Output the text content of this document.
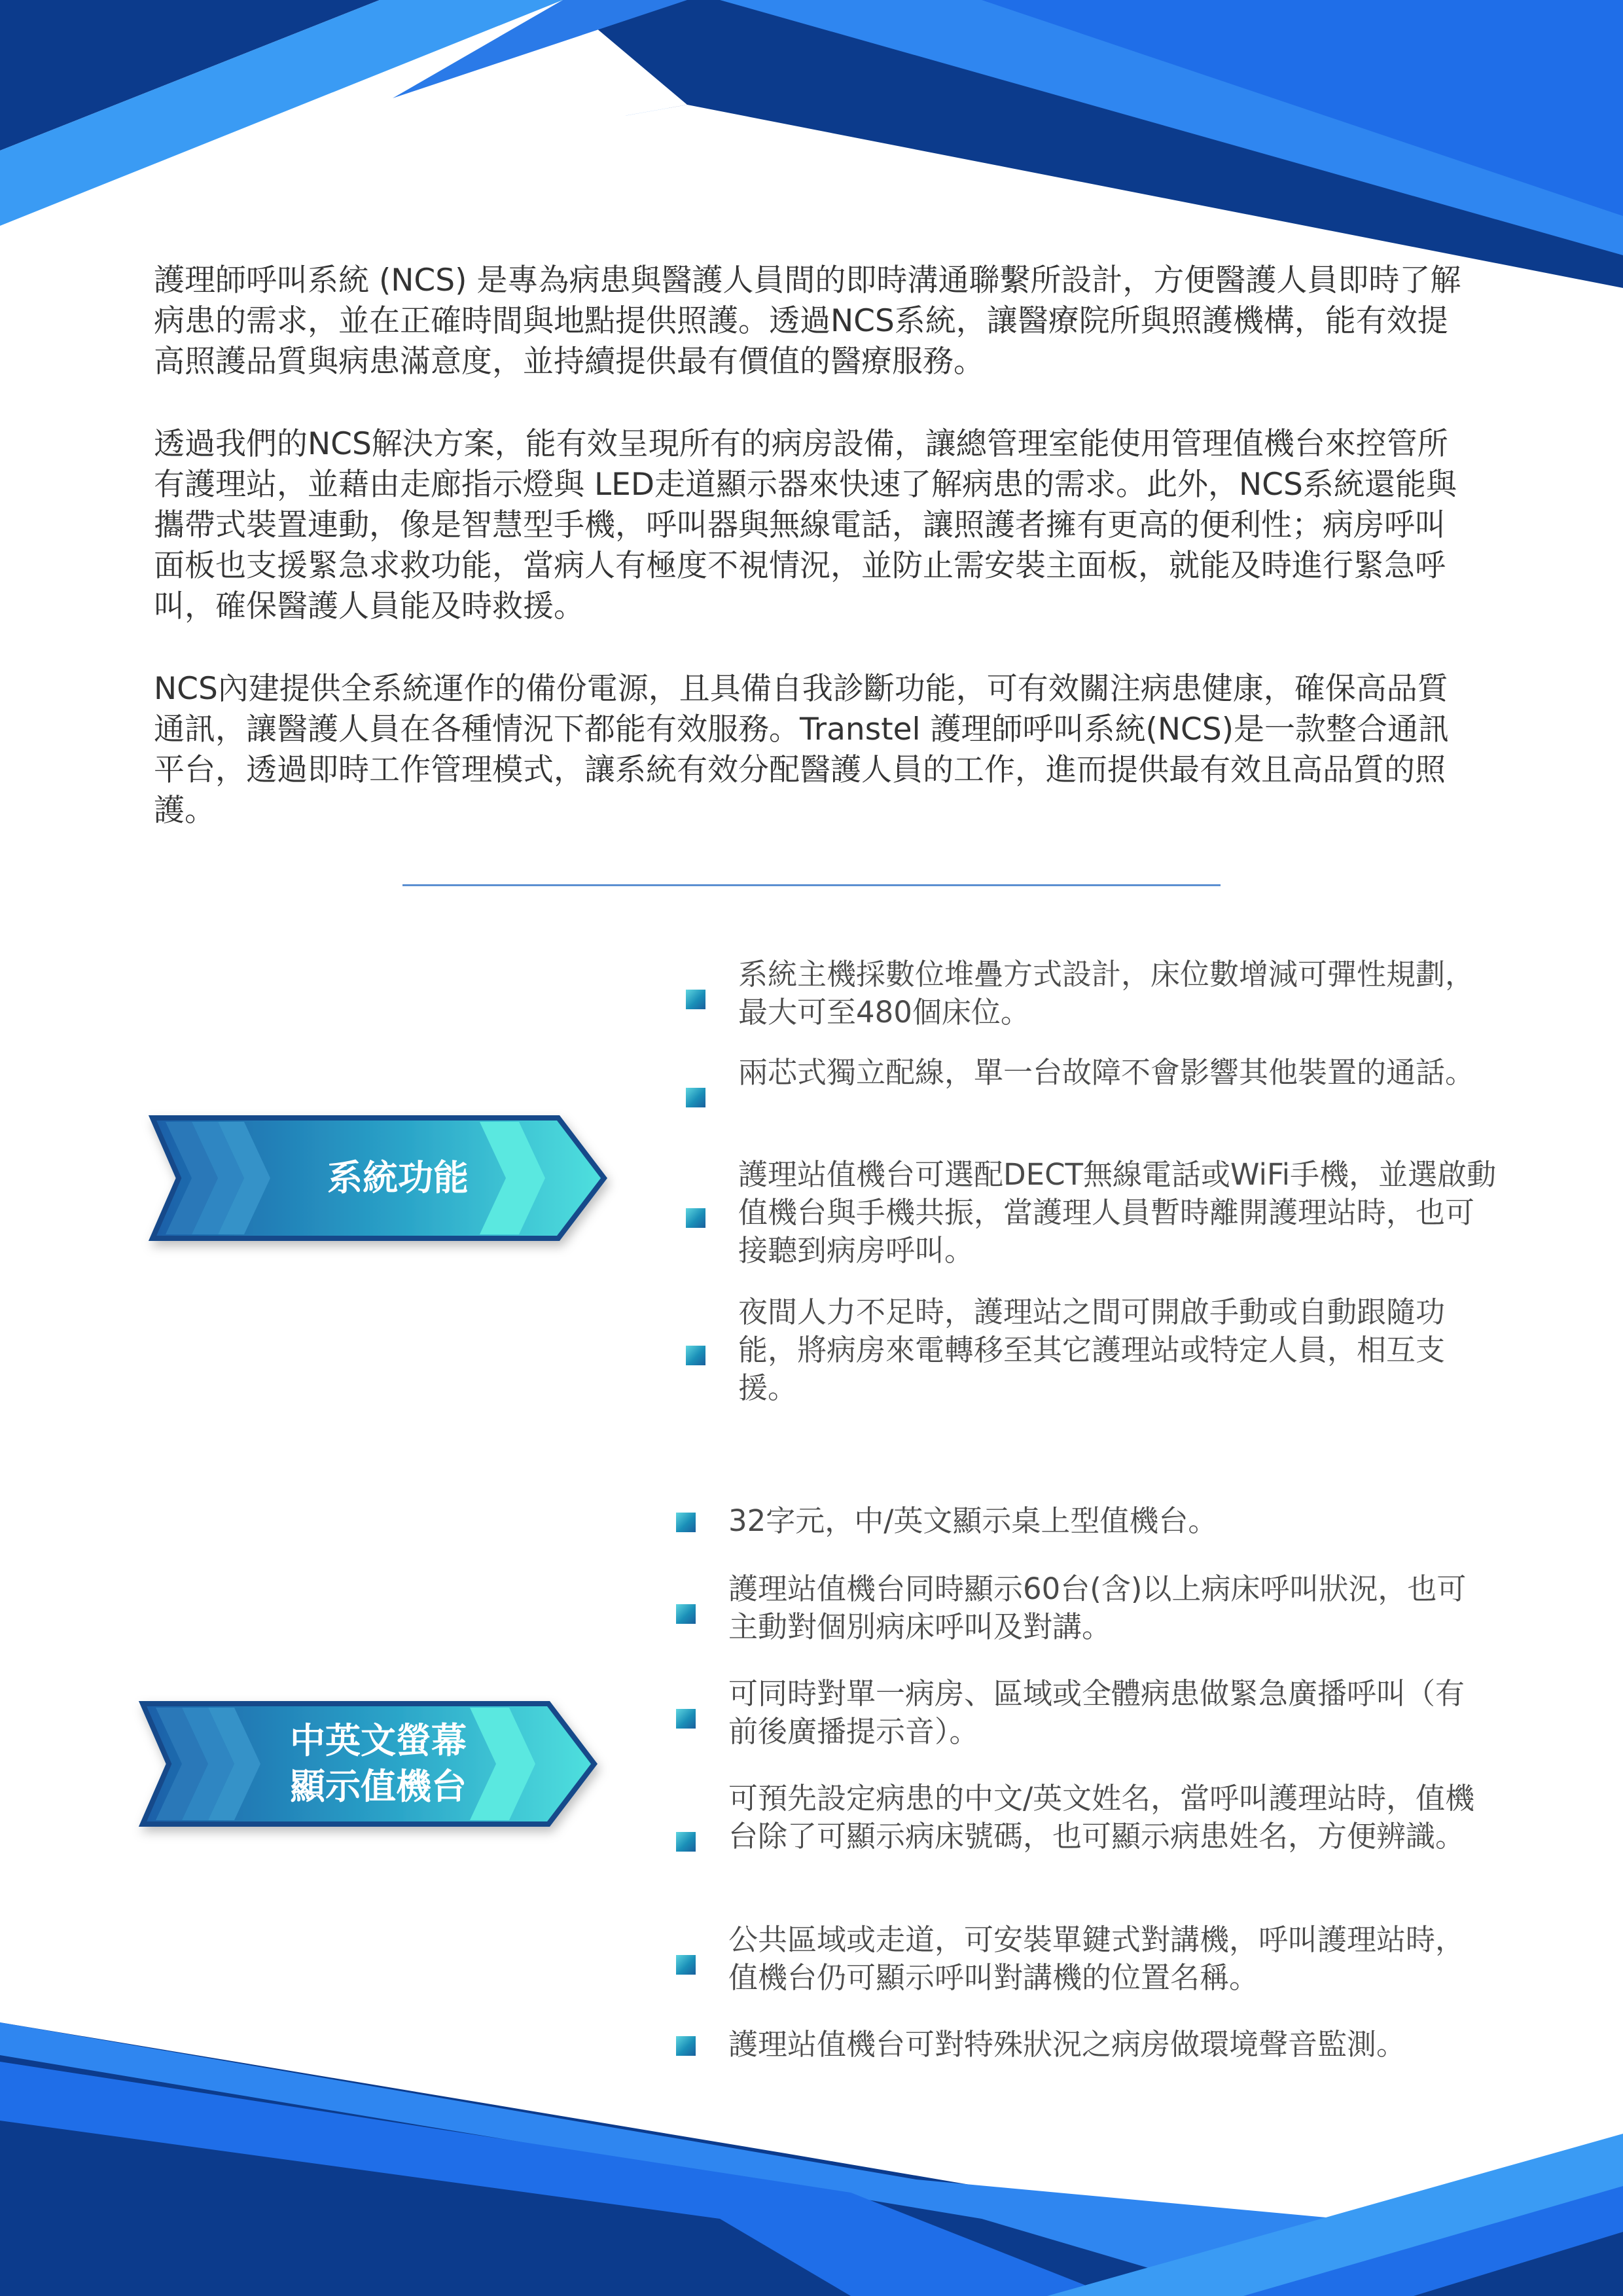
護理師呼叫系統 (NCS) 是專為病患與醫護人員間的即時溝通聯繫所設計，方便醫護人員即時了解病患的需求，並在正確時間與地點提供照護。透過NCS系統，讓醫療院所與照護機構，能有效提高照護品質與病患滿意度，並持續提供最有價值的醫療服務。

透過我們的NCS解決方案，能有效呈現所有的病房設備，讓總管理室能使用管理值機台來控管所有護理站，並藉由走廊指示燈與 LED走道顯示器來快速了解病患的需求。此外，NCS系統還能與攜帶式裝置連動，像是智慧型手機，呼叫器與無線電話，讓照護者擁有更高的便利性；病房呼叫面板也支援緊急求救功能，當病人有極度不視情況，並防止需安裝主面板，就能及時進行緊急呼叫，確保醫護人員能及時救援。

NCS內建提供全系統運作的備份電源，且具備自我診斷功能，可有效關注病患健康，確保高品質通訊，讓醫護人員在各種情況下都能有效服務。Transtel 護理師呼叫系統(NCS)是一款整合通訊平台，透過即時工作管理模式，讓系統有效分配醫護人員的工作，進而提供最有效且高品質的照護。

系統功能
系統主機採數位堆疊方式設計，床位數增減可彈性規劃，最大可至480個床位。
兩芯式獨立配線，單一台故障不會影響其他裝置的通話。
護理站值機台可選配DECT無線電話或WiFi手機，並選啟動值機台與手機共振，當護理人員暫時離開護理站時，也可接聽到病房呼叫。
夜間人力不足時，護理站之間可開啟手動或自動跟隨功能，將病房來電轉移至其它護理站或特定人員，相互支援。
中英文螢幕
顯示值機台
32字元，中/英文顯示桌上型值機台。
護理站值機台同時顯示60台(含)以上病床呼叫狀況，也可主動對個別病床呼叫及對講。
可同時對單一病房、區域或全體病患做緊急廣播呼叫（有前後廣播提示音）。
可預先設定病患的中文/英文姓名，當呼叫護理站時，值機台除了可顯示病床號碼，也可顯示病患姓名，方便辨識。
公共區域或走道，可安裝單鍵式對講機，呼叫護理站時，值機台仍可顯示呼叫對講機的位置名稱。
護理站值機台可對特殊狀況之病房做環境聲音監測。
